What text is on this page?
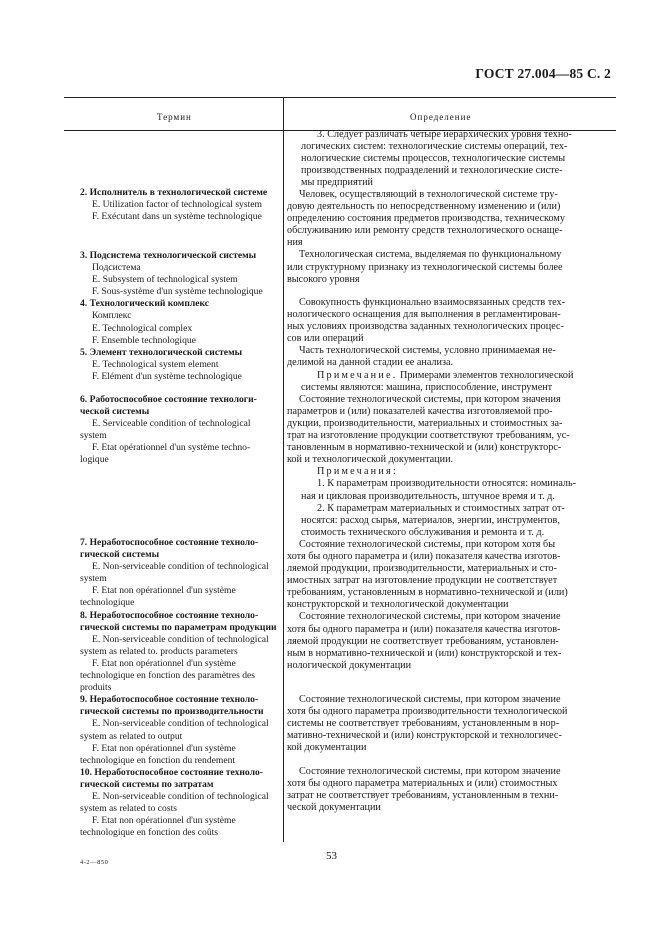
ГОСТ 27.004—85 С. 2
Термин	Определение
2. Исполнитель в технологической системе
E. Utilization factor of technological system
F. Exécutant dans un système technologique
3. Подсистема технологической системы
Подсистема
E. Subsystem of technological system
F. Sous-système d'un système technologique
4. Технологический комплекс
Комплекс
E. Technological complex
F. Ensemble technologique
5. Элемент технологической системы
E. Technological system element
F. Elément d'un système technologique
6. Работоспособное состояние технологи-
ческой системы
E. Serviceable condition of technological
system
F. Etat opérationnel d'un système techno-
logique
7. Неработоспособное состояние техноло-
гической системы
E. Non-serviceable condition of technological
system
F. Etat non opérationnel d'un système
technologique
8. Неработоспособное состояние техноло-
гической системы по параметрам продукции
E. Non-serviceable condition of technological
system as related to. products parameters
F. Etat non opérationnel d'un système
technologique en fonction des paramètres des
produits
9. Неработоспособное состояние техноло-
гической системы по производительности
E. Non-serviceable condition of technological
system as related to output
F. Etat non opérationnel d'un système
technologique en fonction du rendement
10. Неработоспособное состояние техноло-
гической системы по затратам
E. Non-serviceable condition of technological
system as related to costs
F. Etat non opérationnel d'un système
technologique en fonction des coûts
3. Следует различать четыре иерархических уровня техно-
логических систем: технологические системы операций, тех-
нологические системы процессов, технологические системы
производственных подразделений и технологические систе-
мы предприятий
Человек, осуществляющий в технологической системе тру-
довую деятельность по непосредственному изменению и (или)
определению состояния предметов производства, техническому
обслуживанию или ремонту средств технологического оснаще-
ния
Технологическая система, выделяемая по функциональному
или структурному признаку из технологической системы более
высокого уровня
Совокупность функционально взаимосвязанных средств тех-
нологического оснащения для выполнения в регламентирован-
ных условиях производства заданных технологических процес-
сов или операций
Часть технологической системы, условно принимаемая не-
делимой на данной стадии ее анализа.
Примечание. Примерами элементов технологической
системы являются: машина, приспособление, инструмент
Состояние технологической системы, при котором значения
параметров и (или) показателей качества изготовляемой про-
дукции, производительности, материальных и стоимостных за-
трат на изготовление продукции соответствуют требованиям, ус-
тановленным в нормативно-технической и (или) конструкторс-
кой и технологической документации.
Примечания:
1. К параметрам производительности относятся: номиналь-
ная и цикловая производительность, штучное время и т. д.
2. К параметрам материальных и стоимостных затрат от-
носятся: расход сырья, материалов, энергии, инструментов,
стоимость технического обслуживания и ремонта и т. д.
Состояние технологической системы, при котором хотя бы
хотя бы одного параметра и (или) показателя качества изготов-
ляемой продукции, производительности, материальных и сто-
имостных затрат на изготовление продукции не соответствует
требованиям, установленным в нормативно-технической и (или)
конструкторской и технологической документации
Состояние технологической системы, при котором значение
хотя бы одного параметра и (или) показателя качества изготов-
ляемой продукции не соответствует требованиям, установлен-
ным в нормативно-технической и (или) конструкторской и тех-
нологической документации
Состояние технологической системы, при котором значение
хотя бы одного параметра производительности технологической
системы не соответствует требованиям, установленным в нор-
мативно-технической и (или) конструкторской и технологичес-
кой документации
Состояние технологической системы, при котором значение
хотя бы одного параметра материальных и (или) стоимостных
затрат не соответствует требованиям, установленным в техни-
ческой документации
4-2—850
53
